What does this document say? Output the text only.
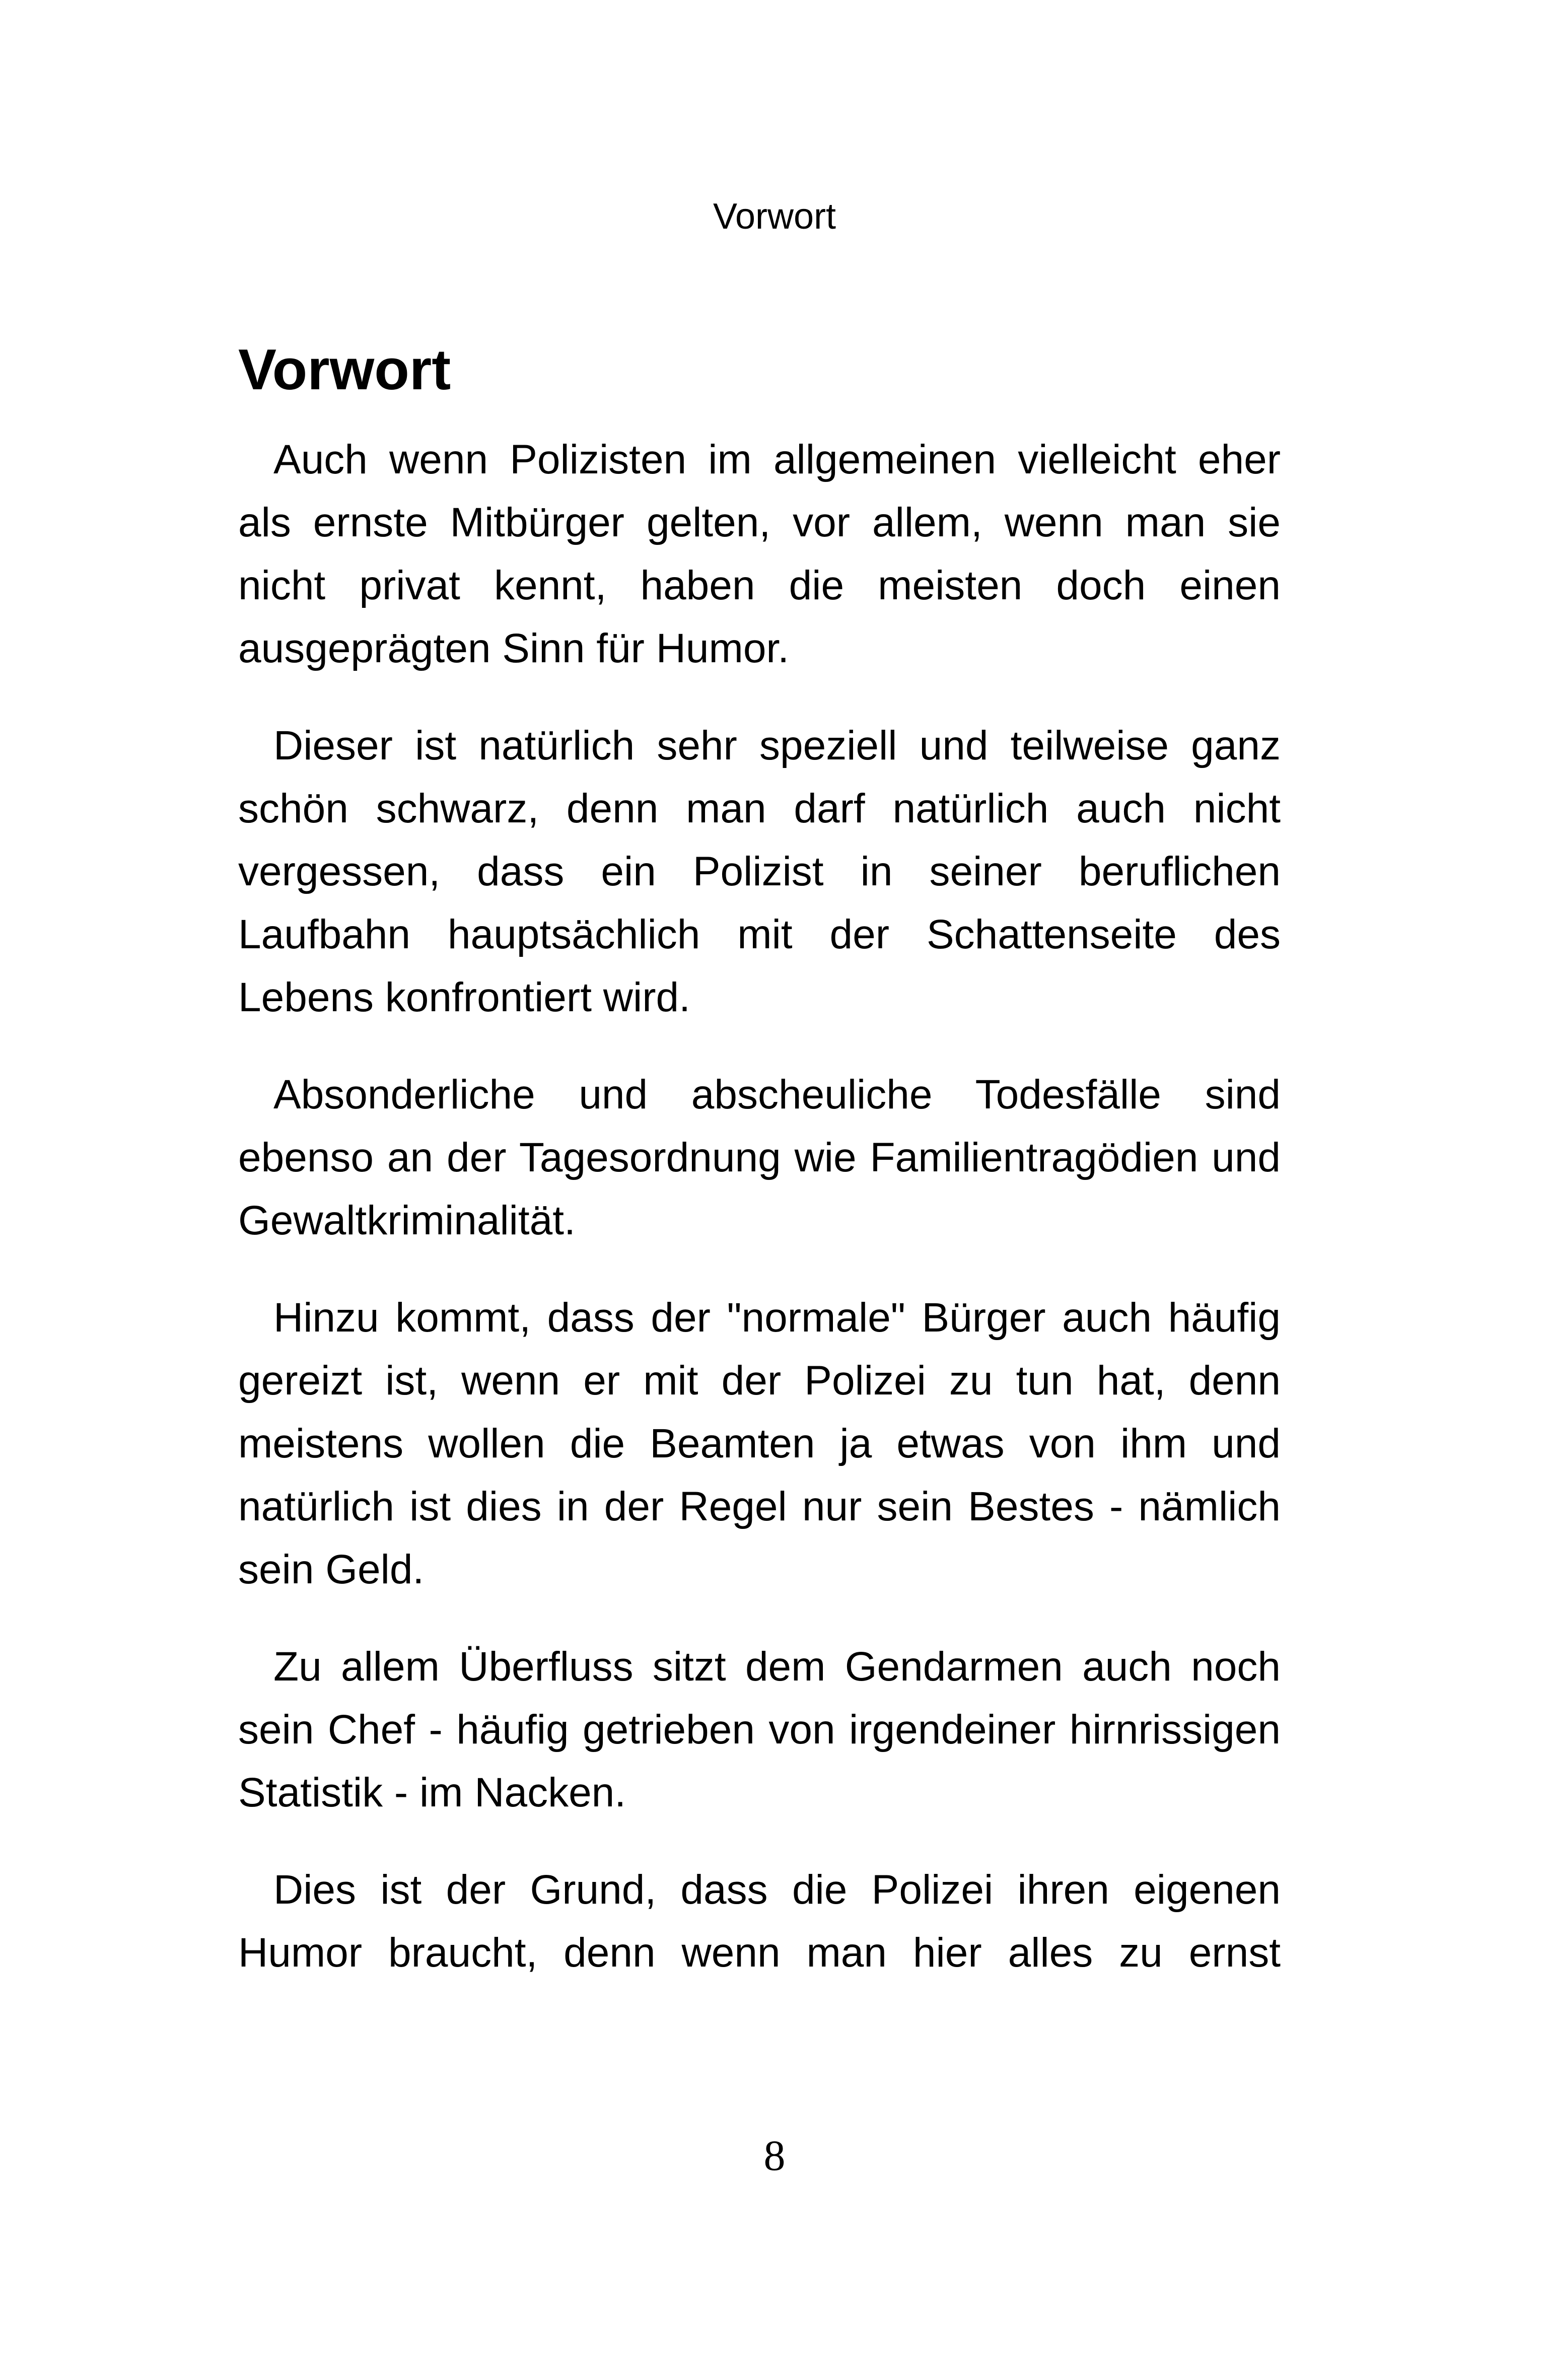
Vorwort
Vorwort

Auch wenn Polizisten im allgemeinen vielleicht eher als ernste Mitbürger gelten, vor allem, wenn man sie nicht privat kennt, haben die meisten doch einen ausgeprägten Sinn für Humor.

Dieser ist natürlich sehr speziell und teilweise ganz schön schwarz, denn man darf natürlich auch nicht vergessen, dass ein Polizist in seiner beruflichen Laufbahn hauptsächlich mit der Schattenseite des Lebens konfrontiert wird.

Absonderliche und abscheuliche Todesfälle sind ebenso an der Tagesordnung wie Familientragödien und Gewaltkriminalität.

Hinzu kommt, dass der "normale" Bürger auch häufig gereizt ist, wenn er mit der Polizei zu tun hat, denn meistens wollen die Beamten ja etwas von ihm und natürlich ist dies in der Regel nur sein Bestes - nämlich sein Geld.

Zu allem Überfluss sitzt dem Gendarmen auch noch sein Chef - häufig getrieben von irgendeiner hirnrissigen Statistik - im Nacken.

Dies ist der Grund, dass die Polizei ihren eigenen Humor braucht, denn wenn man hier alles zu ernst

8
